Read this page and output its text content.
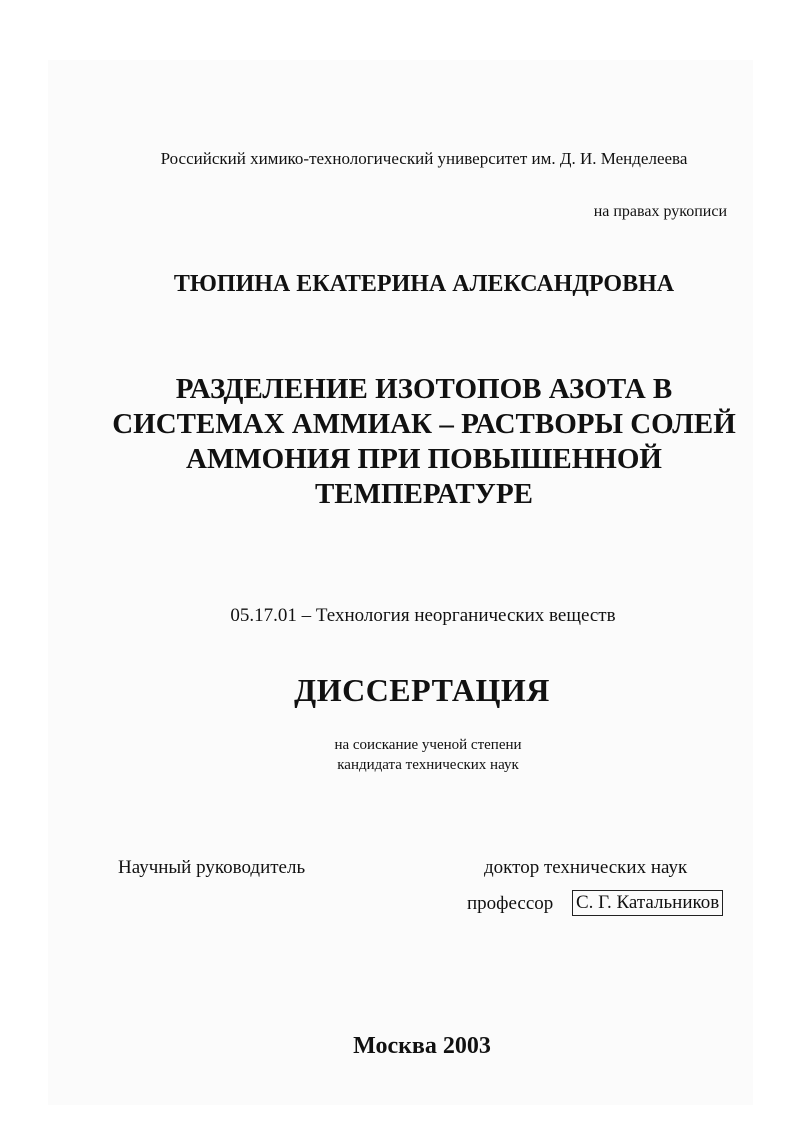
Российский химико-технологический университет им. Д. И. Менделеева
на правах рукописи
ТЮПИНА ЕКАТЕРИНА АЛЕКСАНДРОВНА
РАЗДЕЛЕНИЕ ИЗОТОПОВ АЗОТА В
СИСТЕМАХ АММИАК – РАСТВОРЫ СОЛЕЙ
АММОНИЯ ПРИ ПОВЫШЕННОЙ
ТЕМПЕРАТУРЕ
05.17.01 – Технология неорганических веществ
ДИССЕРТАЦИЯ
на соискание ученой степени
кандидата технических наук
Научный руководитель	доктор технических наук
профессор С. Г. Катальников
Москва 2003
